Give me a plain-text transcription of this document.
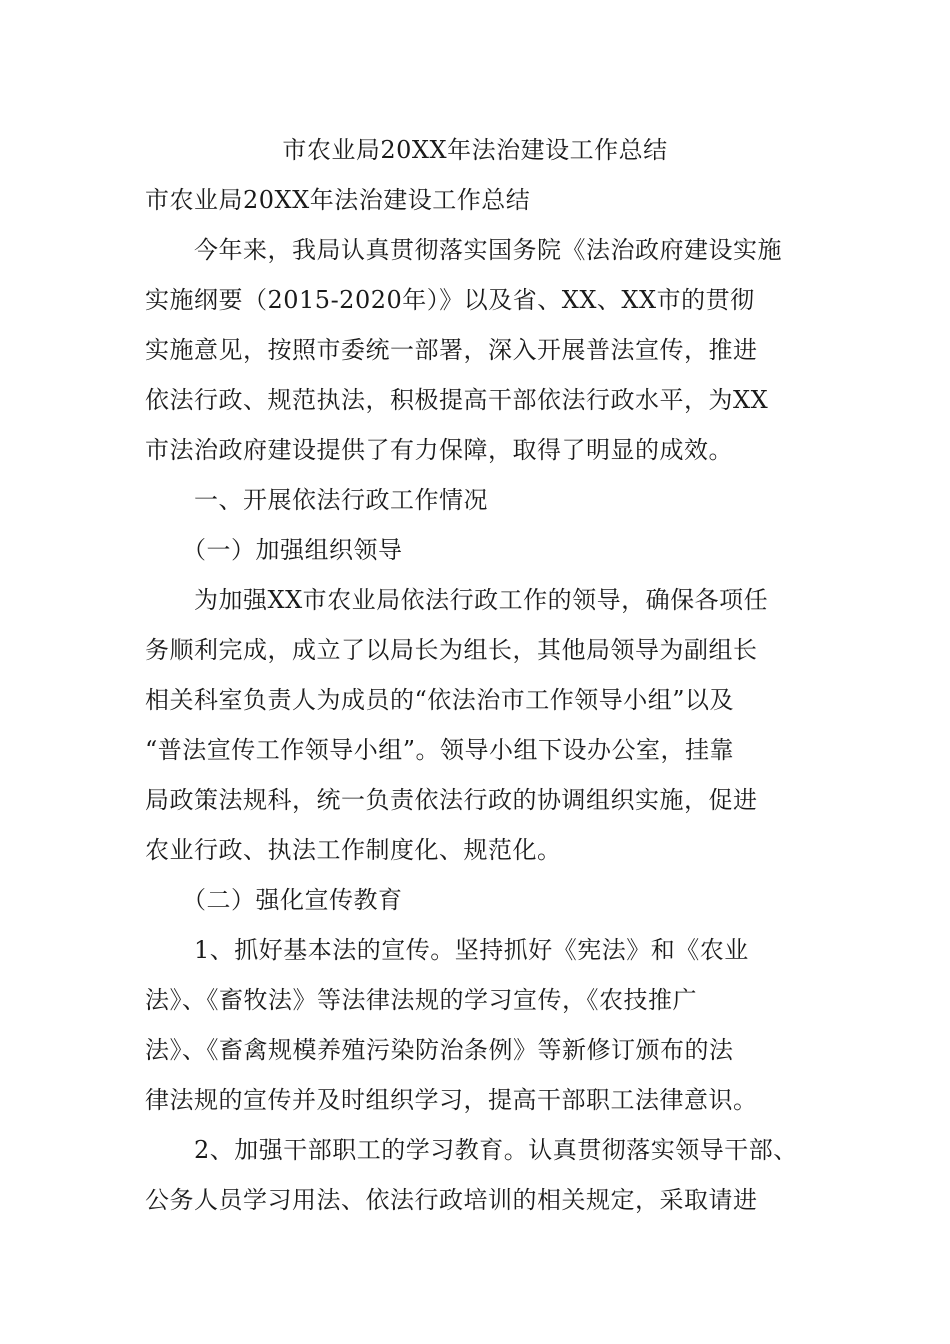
市农业局20XX年法治建设工作总结
市农业局20XX年法治建设工作总结
　　今年来，我局认真贯彻落实国务院《法治政府建设实施
实施纲要（2015-2020年）》以及省、XX、XX市的贯彻
实施意见，按照市委统一部署，深入开展普法宣传，推进
依法行政、规范执法，积极提高干部依法行政水平，为XX
市法治政府建设提供了有力保障，取得了明显的成效。
　　一、开展依法行政工作情况
　　（一）加强组织领导
　　为加强XX市农业局依法行政工作的领导，确保各项任
务顺利完成，成立了以局长为组长，其他局领导为副组长
相关科室负责人为成员的“依法治市工作领导小组”以及
“普法宣传工作领导小组”。领导小组下设办公室，挂靠
局政策法规科，统一负责依法行政的协调组织实施，促进
农业行政、执法工作制度化、规范化。
　　（二）强化宣传教育
　　1、抓好基本法的宣传。坚持抓好《宪法》和《农业
法》、《畜牧法》等法律法规的学习宣传，《农技推广
法》、《畜禽规模养殖污染防治条例》等新修订颁布的法
律法规的宣传并及时组织学习，提高干部职工法律意识。
　　2、加强干部职工的学习教育。认真贯彻落实领导干部、
公务人员学习用法、依法行政培训的相关规定，采取请进
